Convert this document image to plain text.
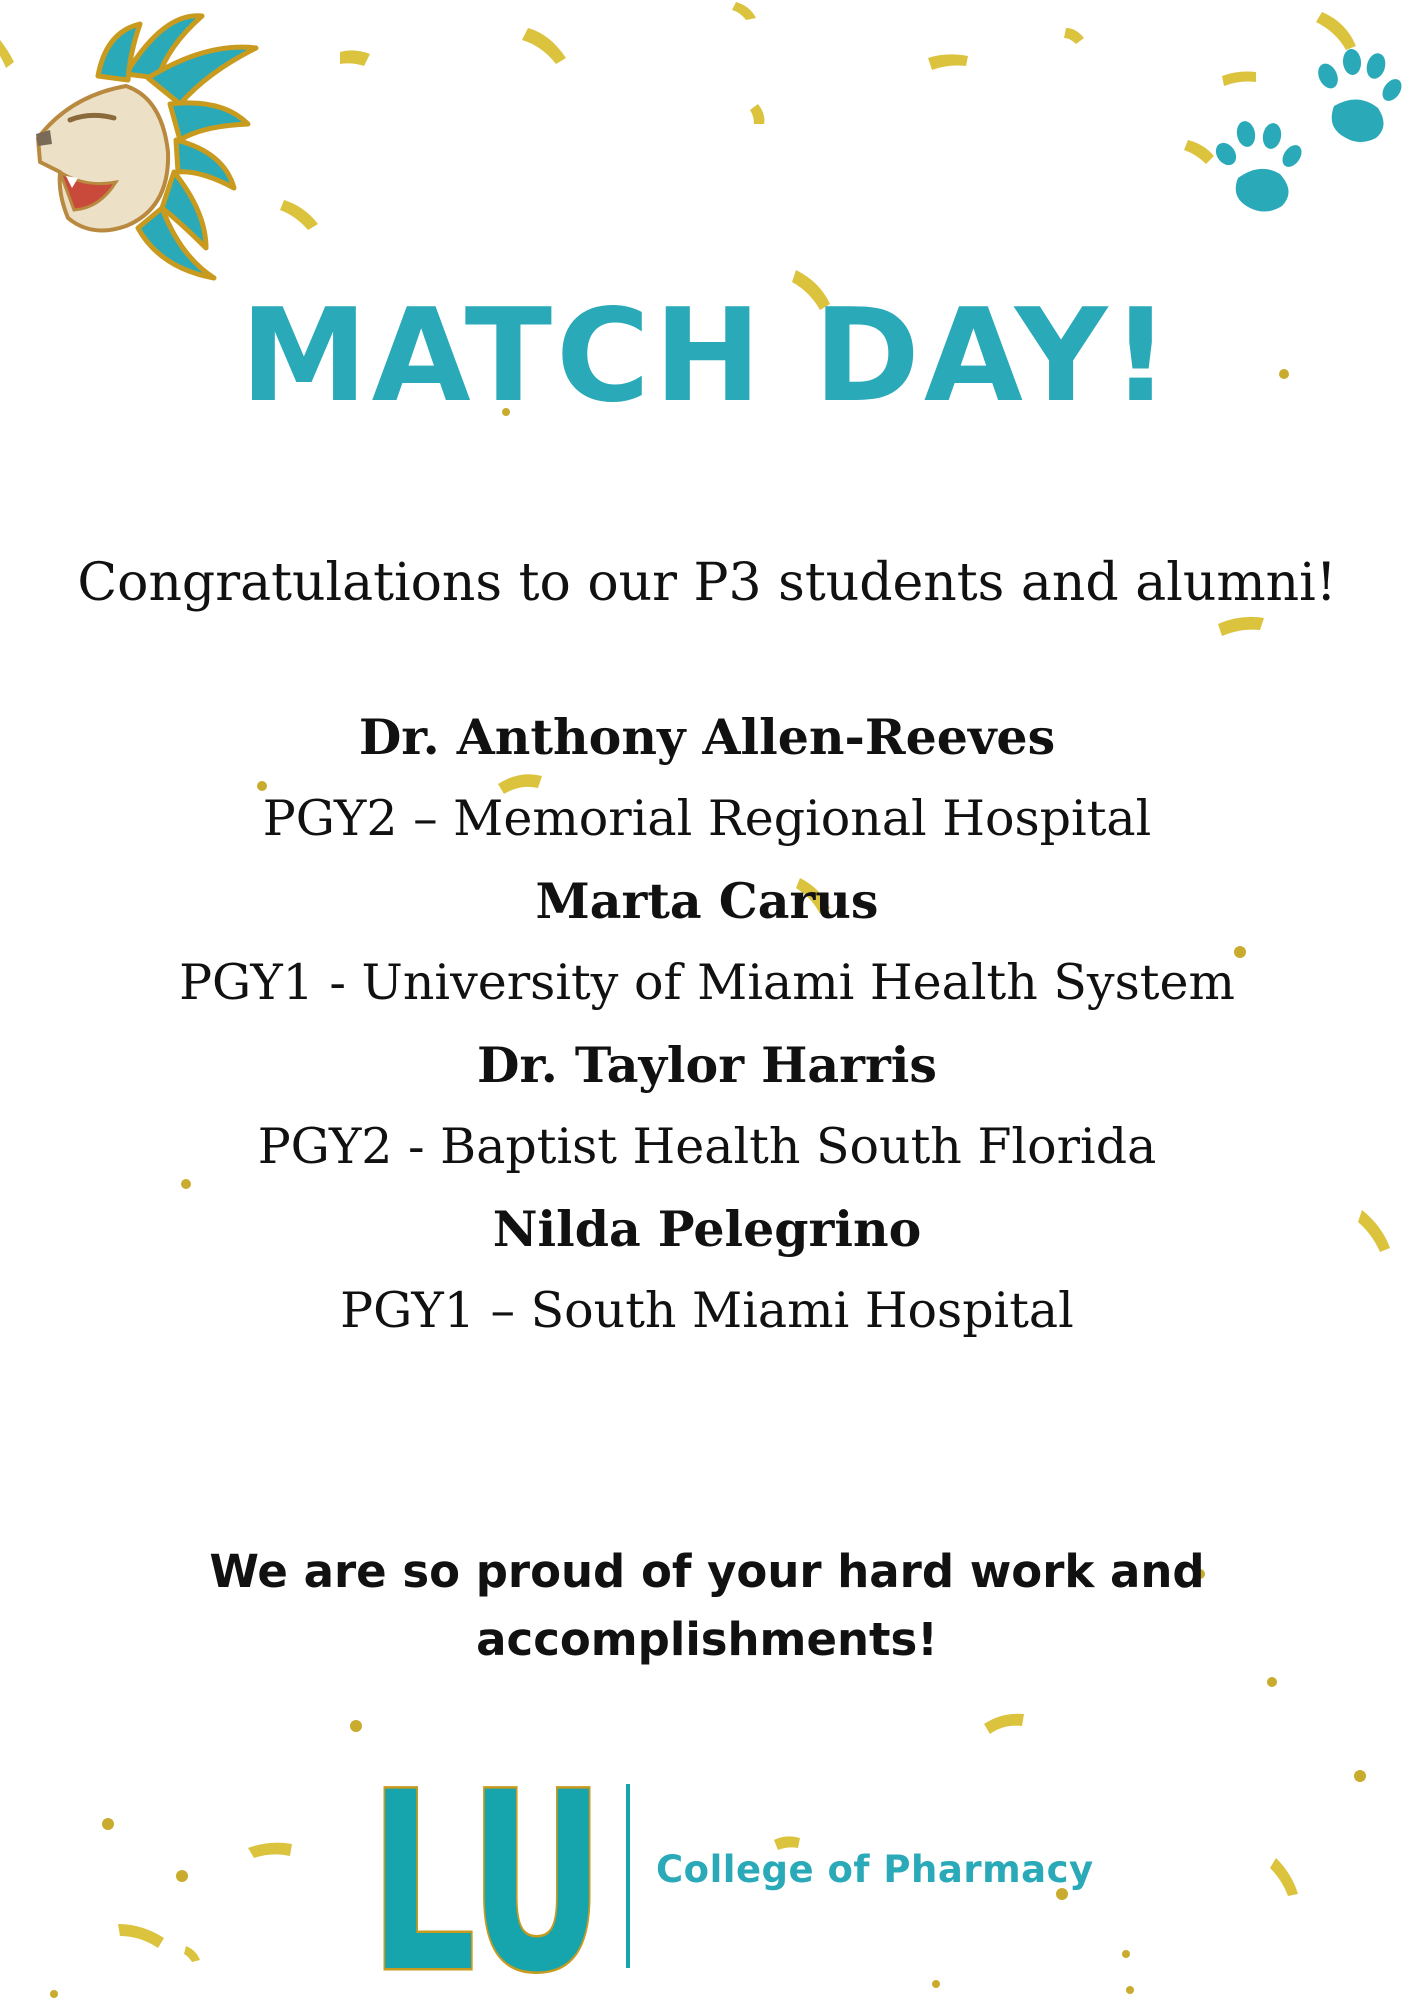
MATCH DAY!
Congratulations to our P3 students and alumni!
Dr. Anthony Allen-Reeves
PGY2 – Memorial Regional Hospital
Marta Carus
PGY1 - University of Miami Health System
Dr. Taylor Harris
PGY2 - Baptist Health South Florida
Nilda Pelegrino
PGY1 – South Miami Hospital
We are so proud of your hard work and
accomplishments!
LU College of Pharmacy
